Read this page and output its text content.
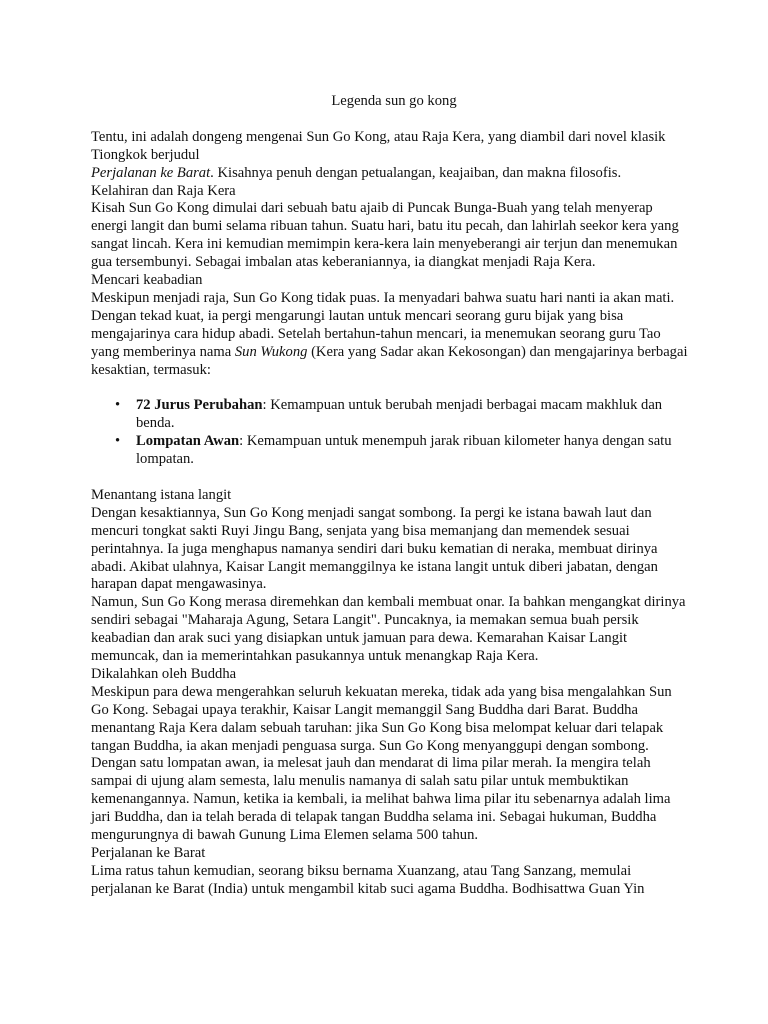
Legenda sun go kong

Tentu, ini adalah dongeng mengenai Sun Go Kong, atau Raja Kera, yang diambil dari novel klasik Tiongkok berjudul
Perjalanan ke Barat. Kisahnya penuh dengan petualangan, keajaiban, dan makna filosofis.

Kelahiran dan Raja Kera

Kisah Sun Go Kong dimulai dari sebuah batu ajaib di Puncak Bunga-Buah yang telah menyerap energi langit dan bumi selama ribuan tahun. Suatu hari, batu itu pecah, dan lahirlah seekor kera yang sangat lincah. Kera ini kemudian memimpin kera-kera lain menyeberangi air terjun dan menemukan gua tersembunyi. Sebagai imbalan atas keberaniannya, ia diangkat menjadi Raja Kera.

Mencari keabadian

Meskipun menjadi raja, Sun Go Kong tidak puas. Ia menyadari bahwa suatu hari nanti ia akan mati. Dengan tekad kuat, ia pergi mengarungi lautan untuk mencari seorang guru bijak yang bisa mengajarinya cara hidup abadi. Setelah bertahun-tahun mencari, ia menemukan seorang guru Tao yang memberinya nama Sun Wukong (Kera yang Sadar akan Kekosongan) dan mengajarinya berbagai kesaktian, termasuk:

• 72 Jurus Perubahan: Kemampuan untuk berubah menjadi berbagai macam makhluk dan benda.
• Lompatan Awan: Kemampuan untuk menempuh jarak ribuan kilometer hanya dengan satu lompatan.

Menantang istana langit

Dengan kesaktiannya, Sun Go Kong menjadi sangat sombong. Ia pergi ke istana bawah laut dan mencuri tongkat sakti Ruyi Jingu Bang, senjata yang bisa memanjang dan memendek sesuai perintahnya. Ia juga menghapus namanya sendiri dari buku kematian di neraka, membuat dirinya abadi. Akibat ulahnya, Kaisar Langit memanggilnya ke istana langit untuk diberi jabatan, dengan harapan dapat mengawasinya.

Namun, Sun Go Kong merasa diremehkan dan kembali membuat onar. Ia bahkan mengangkat dirinya sendiri sebagai "Maharaja Agung, Setara Langit". Puncaknya, ia memakan semua buah persik keabadian dan arak suci yang disiapkan untuk jamuan para dewa. Kemarahan Kaisar Langit memuncak, dan ia memerintahkan pasukannya untuk menangkap Raja Kera.

Dikalahkan oleh Buddha

Meskipun para dewa mengerahkan seluruh kekuatan mereka, tidak ada yang bisa mengalahkan Sun Go Kong. Sebagai upaya terakhir, Kaisar Langit memanggil Sang Buddha dari Barat. Buddha menantang Raja Kera dalam sebuah taruhan: jika Sun Go Kong bisa melompat keluar dari telapak tangan Buddha, ia akan menjadi penguasa surga. Sun Go Kong menyanggupi dengan sombong. Dengan satu lompatan awan, ia melesat jauh dan mendarat di lima pilar merah. Ia mengira telah sampai di ujung alam semesta, lalu menulis namanya di salah satu pilar untuk membuktikan kemenangannya. Namun, ketika ia kembali, ia melihat bahwa lima pilar itu sebenarnya adalah lima jari Buddha, dan ia telah berada di telapak tangan Buddha selama ini. Sebagai hukuman, Buddha mengurungnya di bawah Gunung Lima Elemen selama 500 tahun.

Perjalanan ke Barat

Lima ratus tahun kemudian, seorang biksu bernama Xuanzang, atau Tang Sanzang, memulai perjalanan ke Barat (India) untuk mengambil kitab suci agama Buddha. Bodhisattwa Guan Yin
